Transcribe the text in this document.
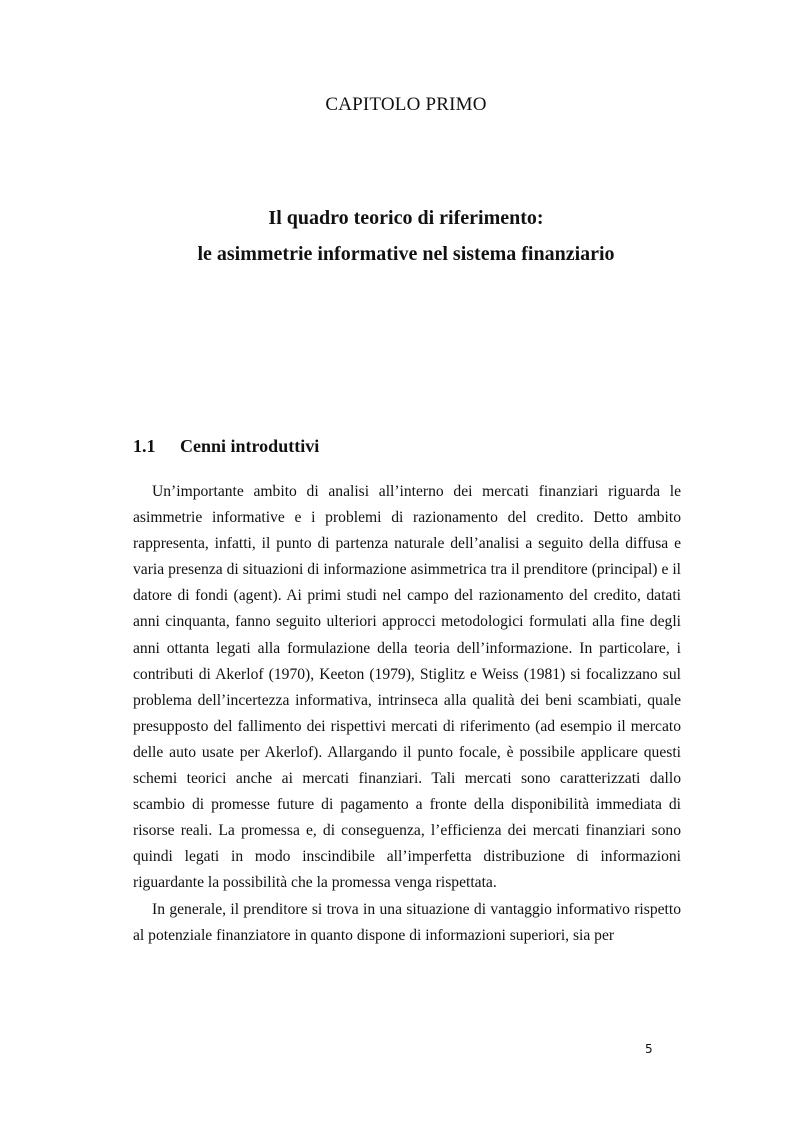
CAPITOLO PRIMO
Il quadro teorico di riferimento:
le asimmetrie informative nel sistema finanziario
1.1 Cenni introduttivi

Un’importante ambito di analisi all’interno dei mercati finanziari riguarda le asimmetrie informative e i problemi di razionamento del credito. Detto ambito rappresenta, infatti, il punto di partenza naturale dell’analisi a seguito della diffusa e varia presenza di situazioni di informazione asimmetrica tra il prenditore (principal) e il datore di fondi (agent). Ai primi studi nel campo del razionamento del credito, datati anni cinquanta, fanno seguito ulteriori approcci metodologici formulati alla fine degli anni ottanta legati alla formulazione della teoria dell’informazione. In particolare, i contributi di Akerlof (1970), Keeton (1979), Stiglitz e Weiss (1981) si focalizzano sul problema dell’incertezza informativa, intrinseca alla qualità dei beni scambiati, quale presupposto del fallimento dei rispettivi mercati di riferimento (ad esempio il mercato delle auto usate per Akerlof). Allargando il punto focale, è possibile applicare questi schemi teorici anche ai mercati finanziari. Tali mercati sono caratterizzati dallo scambio di promesse future di pagamento a fronte della disponibilità immediata di risorse reali. La promessa e, di conseguenza, l’efficienza dei mercati finanziari sono quindi legati in modo inscindibile all’imperfetta distribuzione di informazioni riguardante la possibilità che la promessa venga rispettata.

In generale, il prenditore si trova in una situazione di vantaggio informativo rispetto al potenziale finanziatore in quanto dispone di informazioni superiori, sia per

5
